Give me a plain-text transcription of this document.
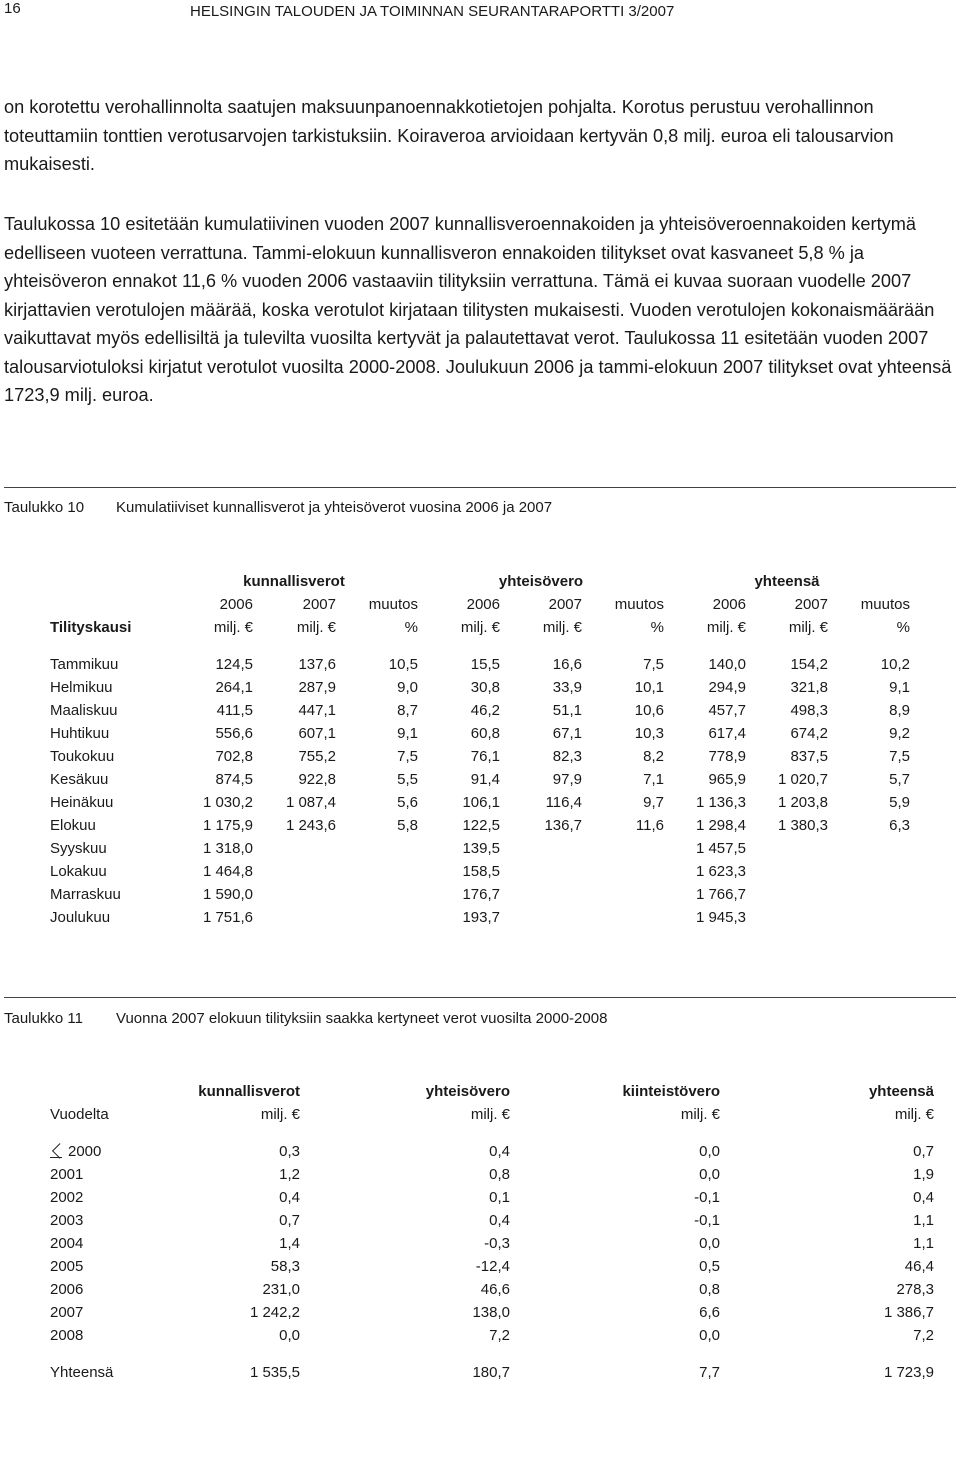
16	HELSINGIN TALOUDEN JA TOIMINNAN SEURANTARAPORTTI 3/2007

on korotettu verohallinnolta saatujen maksuunpanoennakkotietojen pohjalta. Korotus perustuu verohallinnon toteuttamiin tonttien verotusarvojen tarkistuksiin. Koiraveroa arvioidaan kertyvän 0,8 milj. euroa eli talousarvion mukaisesti.

Taulukossa 10 esitetään kumulatiivinen vuoden 2007 kunnallisveroennakoiden ja yhteisöveroennakoiden kertymä edelliseen vuoteen verrattuna. Tammi-elokuun kunnallisveron ennakoiden tilitykset ovat kasvaneet 5,8 % ja yhteisöveron ennakot 11,6 % vuoden 2006 vastaaviin tilityksiin verrattuna. Tämä ei kuvaa suoraan vuodelle 2007 kirjattavien verotulojen määrää, koska verotulot kirjataan tilitysten mukaisesti. Vuoden verotulojen kokonaismäärään vaikuttavat myös edellisiltä ja tulevilta vuosilta kertyvät ja palautettavat verot. Taulukossa 11 esitetään vuoden 2007 talousarviotuloksi kirjatut verotulot vuosilta 2000-2008. Joulukuun 2006 ja tammi-elokuun 2007 tilitykset ovat yhteensä 1723,9 milj. euroa.

Taulukko 10 Kumulatiiviset kunnallisverot ja yhteisöverot vuosina 2006 ja 2007
	kunnallisverot			yhteisövero			yhteensä		
	2006	2007	muutos	2006	2007	muutos	2006	2007	muutos
Tilityskausi	milj. €	milj. €	%	milj. €	milj. €	%	milj. €	milj. €	%

Tammikuu	124,5	137,6	10,5	15,5	16,6	7,5	140,0	154,2	10,2
Helmikuu	264,1	287,9	9,0	30,8	33,9	10,1	294,9	321,8	9,1
Maaliskuu	411,5	447,1	8,7	46,2	51,1	10,6	457,7	498,3	8,9
Huhtikuu	556,6	607,1	9,1	60,8	67,1	10,3	617,4	674,2	9,2
Toukokuu	702,8	755,2	7,5	76,1	82,3	8,2	778,9	837,5	7,5
Kesäkuu	874,5	922,8	5,5	91,4	97,9	7,1	965,9	1 020,7	5,7
Heinäkuu	1 030,2	1 087,4	5,6	106,1	116,4	9,7	1 136,3	1 203,8	5,9
Elokuu	1 175,9	1 243,6	5,8	122,5	136,7	11,6	1 298,4	1 380,3	6,3
Syyskuu	1 318,0			139,5			1 457,5		
Lokakuu	1 464,8			158,5			1 623,3		
Marraskuu	1 590,0			176,7			1 766,7		
Joulukuu	1 751,6			193,7			1 945,3		
Taulukko 11 Vuonna 2007 elokuun tilityksiin saakka kertyneet verot vuosilta 2000-2008
	kunnallisverot	yhteisövero	kiinteistövero	yhteensä
Vuodelta	milj. €	milj. €	milj. €	milj. €

2000	0,3	0,4	0,0	0,7
2001	1,2	0,8	0,0	1,9
2002	0,4	0,1	-0,1	0,4
2003	0,7	0,4	-0,1	1,1
2004	1,4	-0,3	0,0	1,1
2005	58,3	-12,4	0,5	46,4
2006	231,0	46,6	0,8	278,3
2007	1 242,2	138,0	6,6	1 386,7
2008	0,0	7,2	0,0	7,2

Yhteensä	1 535,5	180,7	7,7	1 723,9
